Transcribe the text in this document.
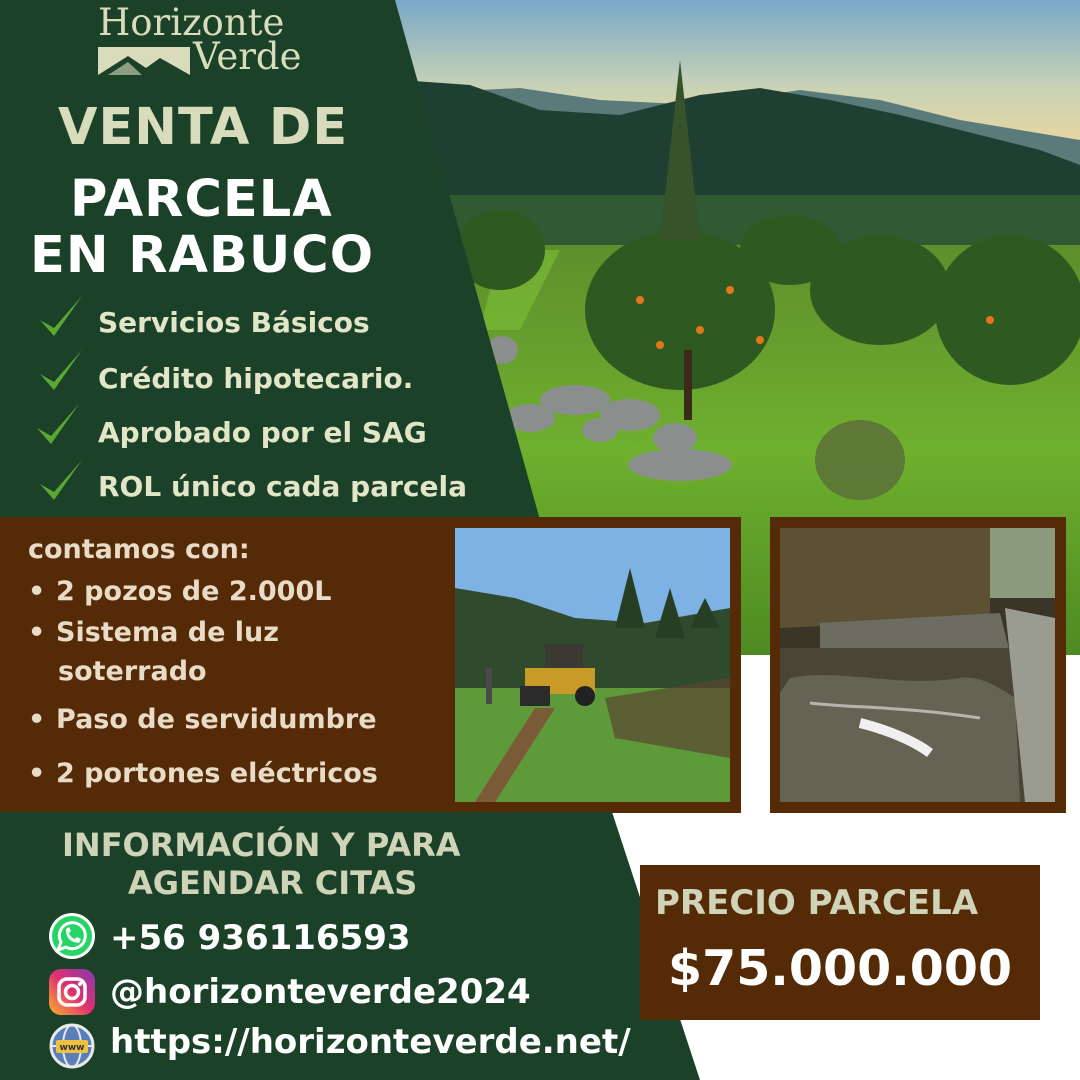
Horizonte
Verde
VENTA DE
PARCELA
EN RABUCO
Servicios Básicos
Crédito hipotecario.
Aprobado por el SAG
ROL único cada parcela
contamos con:
• 2 pozos de 2.000L
• Sistema de luz
soterrado
• Paso de servidumbre
• 2 portones eléctricos
INFORMACIÓN Y PARA
AGENDAR CITAS
www
+56 936116593
@horizonteverde2024
https://horizonteverde.net/
PRECIO PARCELA
$75.000.000
